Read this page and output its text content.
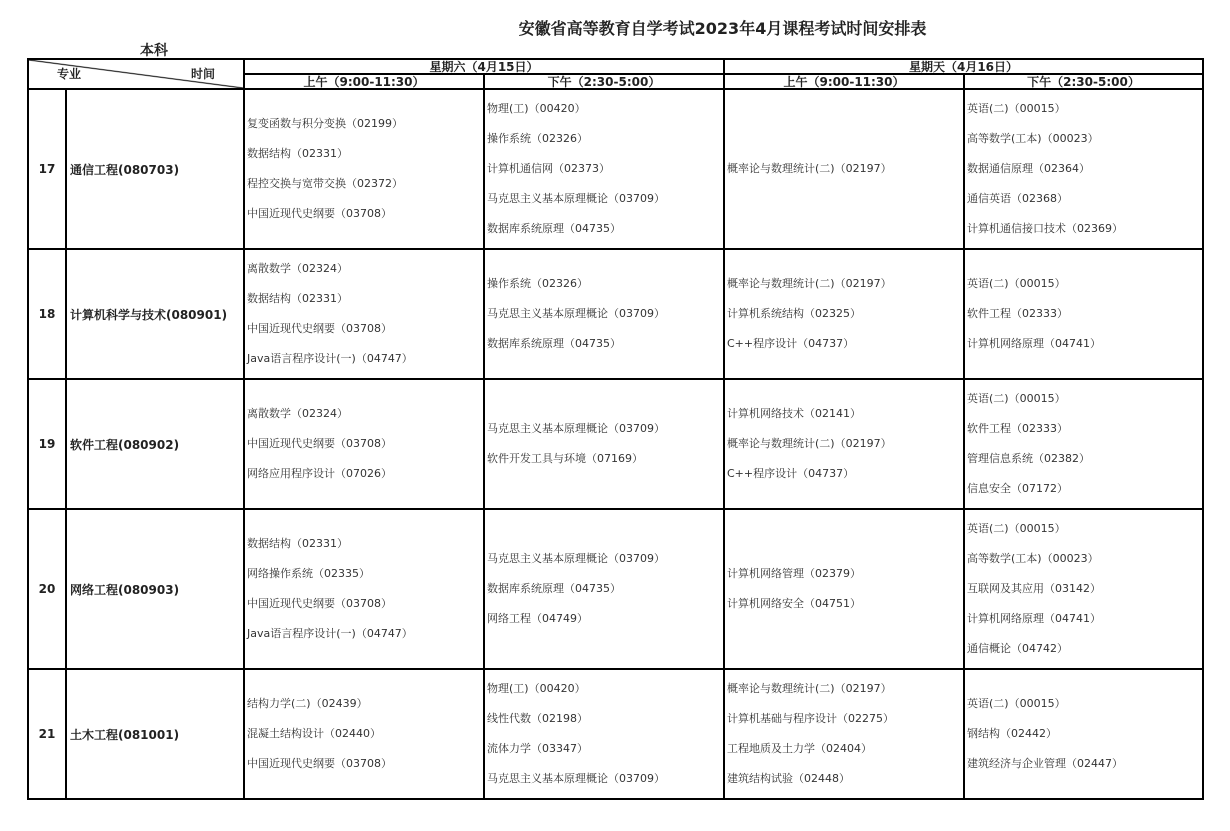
安徽省高等教育自学考试2023年4月课程考试时间安排表
本科
专业 时间		星期六（4月15日）		星期天（4月16日）	
		上午（9:00-11:30）	下午（2:30-5:00）	上午（9:00-11:30）	下午（2:30-5:00）
17	通信工程(080703)	复变函数与积分变换（02199）
数据结构（02331）
程控交换与宽带交换（02372）
中国近现代史纲要（03708）	物理(工)（00420）
操作系统（02326）
计算机通信网（02373）
马克思主义基本原理概论（03709）
数据库系统原理（04735）	概率论与数理统计(二)（02197）	英语(二)（00015）
高等数学(工本)（00023）
数据通信原理（02364）
通信英语（02368）
计算机通信接口技术（02369）

18	计算机科学与技术(080901)	离散数学（02324）
数据结构（02331）
中国近现代史纲要（03708）
Java语言程序设计(一)（04747）	操作系统（02326）
马克思主义基本原理概论（03709）
数据库系统原理（04735）	概率论与数理统计(二)（02197）
计算机系统结构（02325）
C++程序设计（04737）	英语(二)（00015）
软件工程（02333）
计算机网络原理（04741）

19	软件工程(080902)	离散数学（02324）
中国近现代史纲要（03708）
网络应用程序设计（07026）	马克思主义基本原理概论（03709）
软件开发工具与环境（07169）	计算机网络技术（02141）
概率论与数理统计(二)（02197）
C++程序设计（04737）	英语(二)（00015）
软件工程（02333）
管理信息系统（02382）
信息安全（07172）

20	网络工程(080903)	数据结构（02331）
网络操作系统（02335）
中国近现代史纲要（03708）
Java语言程序设计(一)（04747）	马克思主义基本原理概论（03709）
数据库系统原理（04735）
网络工程（04749）	计算机网络管理（02379）
计算机网络安全（04751）	英语(二)（00015）
高等数学(工本)（00023）
互联网及其应用（03142）
计算机网络原理（04741）
通信概论（04742）

21	土木工程(081001)	结构力学(二)（02439）
混凝土结构设计（02440）
中国近现代史纲要（03708）	物理(工)（00420）
线性代数（02198）
流体力学（03347）
马克思主义基本原理概论（03709）	概率论与数理统计(二)（02197）
计算机基础与程序设计（02275）
工程地质及土力学（02404）
建筑结构试验（02448）	英语(二)（00015）
钢结构（02442）
建筑经济与企业管理（02447）
